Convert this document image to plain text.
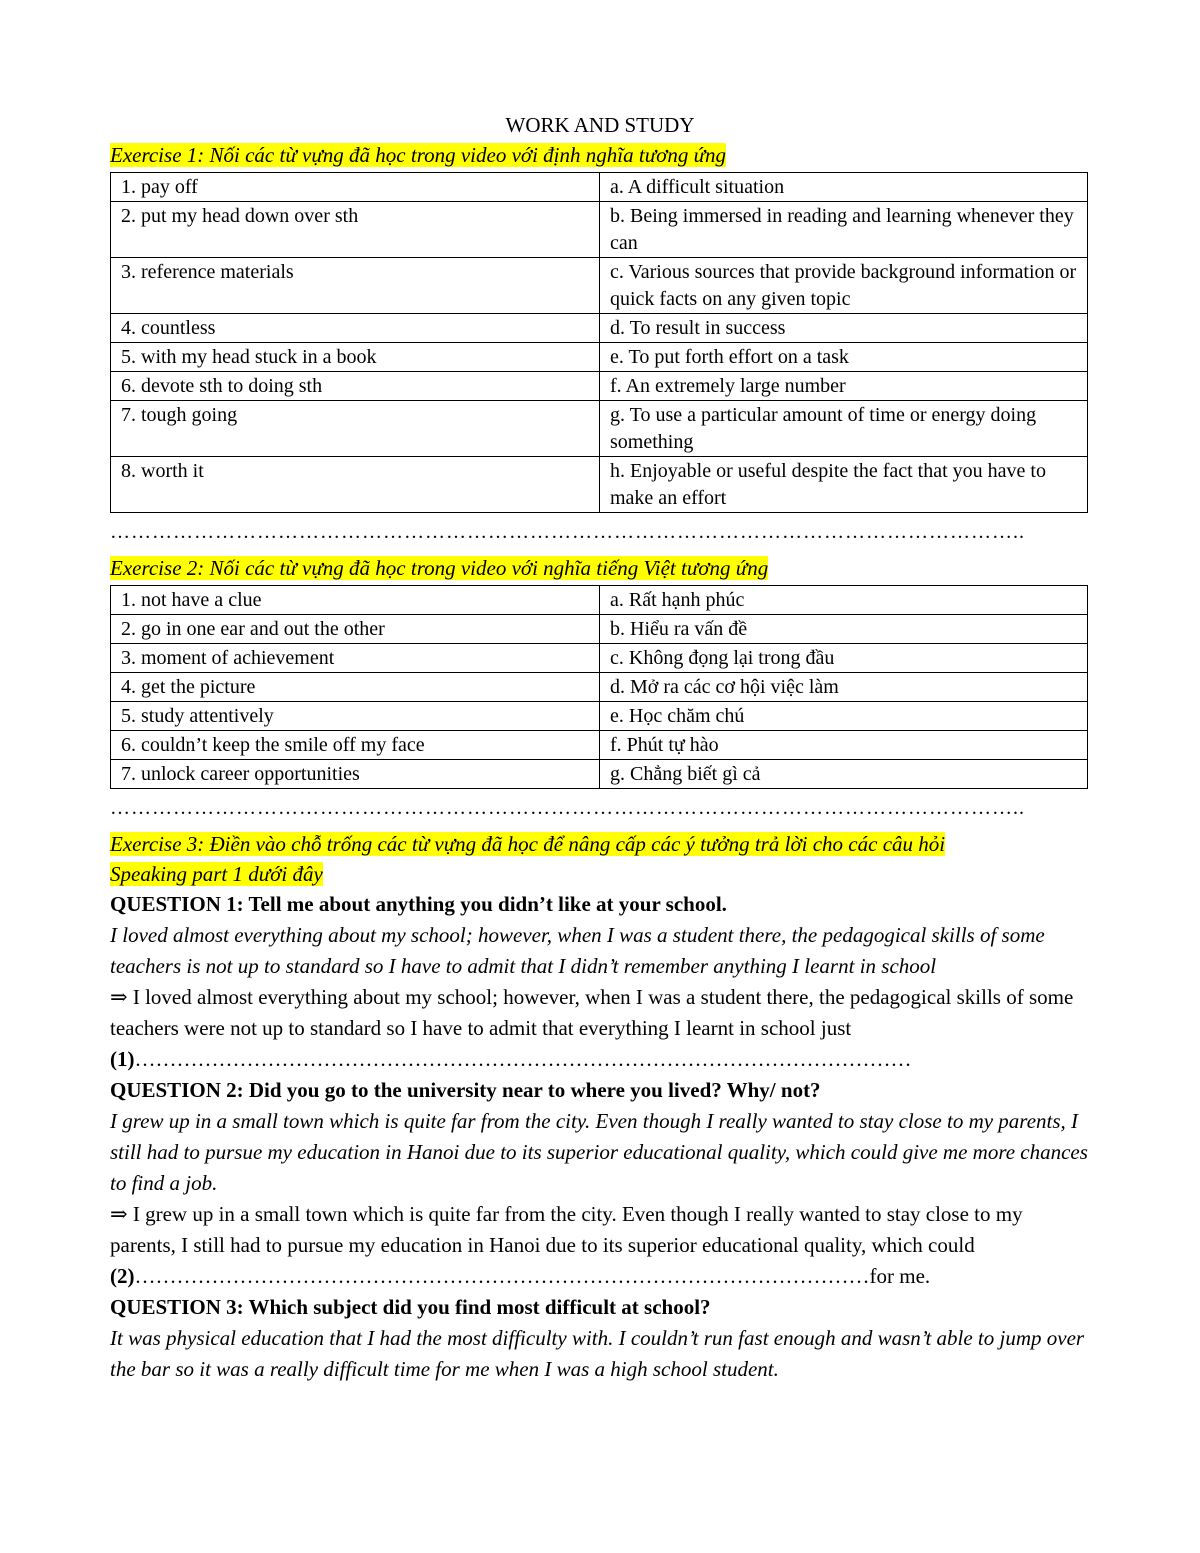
WORK AND STUDY

Exercise 1: Nối các từ vựng đã học trong video với định nghĩa tương ứng

1. pay off	a. A difficult situation
2. put my head down over sth	b. Being immersed in reading and learning whenever they can
3. reference materials	c. Various sources that provide background information or quick facts on any given topic
4. countless	d. To result in success
5. with my head stuck in a book	e. To put forth effort on a task
6. devote sth to doing sth	f. An extremely large number
7. tough going	g. To use a particular amount of time or energy doing something
8. worth it	h. Enjoyable or useful despite the fact that you have to make an effort
…………………………………………………………………………………………………………………..

Exercise 2: Nối các từ vựng đã học trong video với nghĩa tiếng Việt tương ứng

1. not have a clue	a. Rất hạnh phúc
2. go in one ear and out the other	b. Hiểu ra vấn đề
3. moment of achievement	c. Không đọng lại trong đầu
4. get the picture	d. Mở ra các cơ hội việc làm
5. study attentively	e. Học chăm chú
6. couldn’t keep the smile off my face	f. Phút tự hào
7. unlock career opportunities	g. Chẳng biết gì cả
…………………………………………………………………………………………………………………..

Exercise 3: Điền vào chỗ trống các từ vựng đã học để nâng cấp các ý tưởng trả lời cho các câu hỏi
Speaking part 1 dưới đây

QUESTION 1: Tell me about anything you didn’t like at your school.

I loved almost everything about my school; however, when I was a student there, the pedagogical skills of some teachers is not up to standard so I have to admit that I didn’t remember anything I learnt in school

⇒ I loved almost everything about my school; however, when I was a student there, the pedagogical skills of some teachers were not up to standard so I have to admit that everything I learnt in school just (1)…………………………………………………………………………………………………

QUESTION 2: Did you go to the university near to where you lived? Why/ not?

I grew up in a small town which is quite far from the city. Even though I really wanted to stay close to my parents, I still had to pursue my education in Hanoi due to its superior educational quality, which could give me more chances to find a job.

⇒ I grew up in a small town which is quite far from the city. Even though I really wanted to stay close to my parents, I still had to pursue my education in Hanoi due to its superior educational quality, which could (2)……………………………………………………………………………………………for me.

QUESTION 3: Which subject did you find most difficult at school?

It was physical education that I had the most difficulty with. I couldn’t run fast enough and wasn’t able to jump over the bar so it was a really difficult time for me when I was a high school student.
